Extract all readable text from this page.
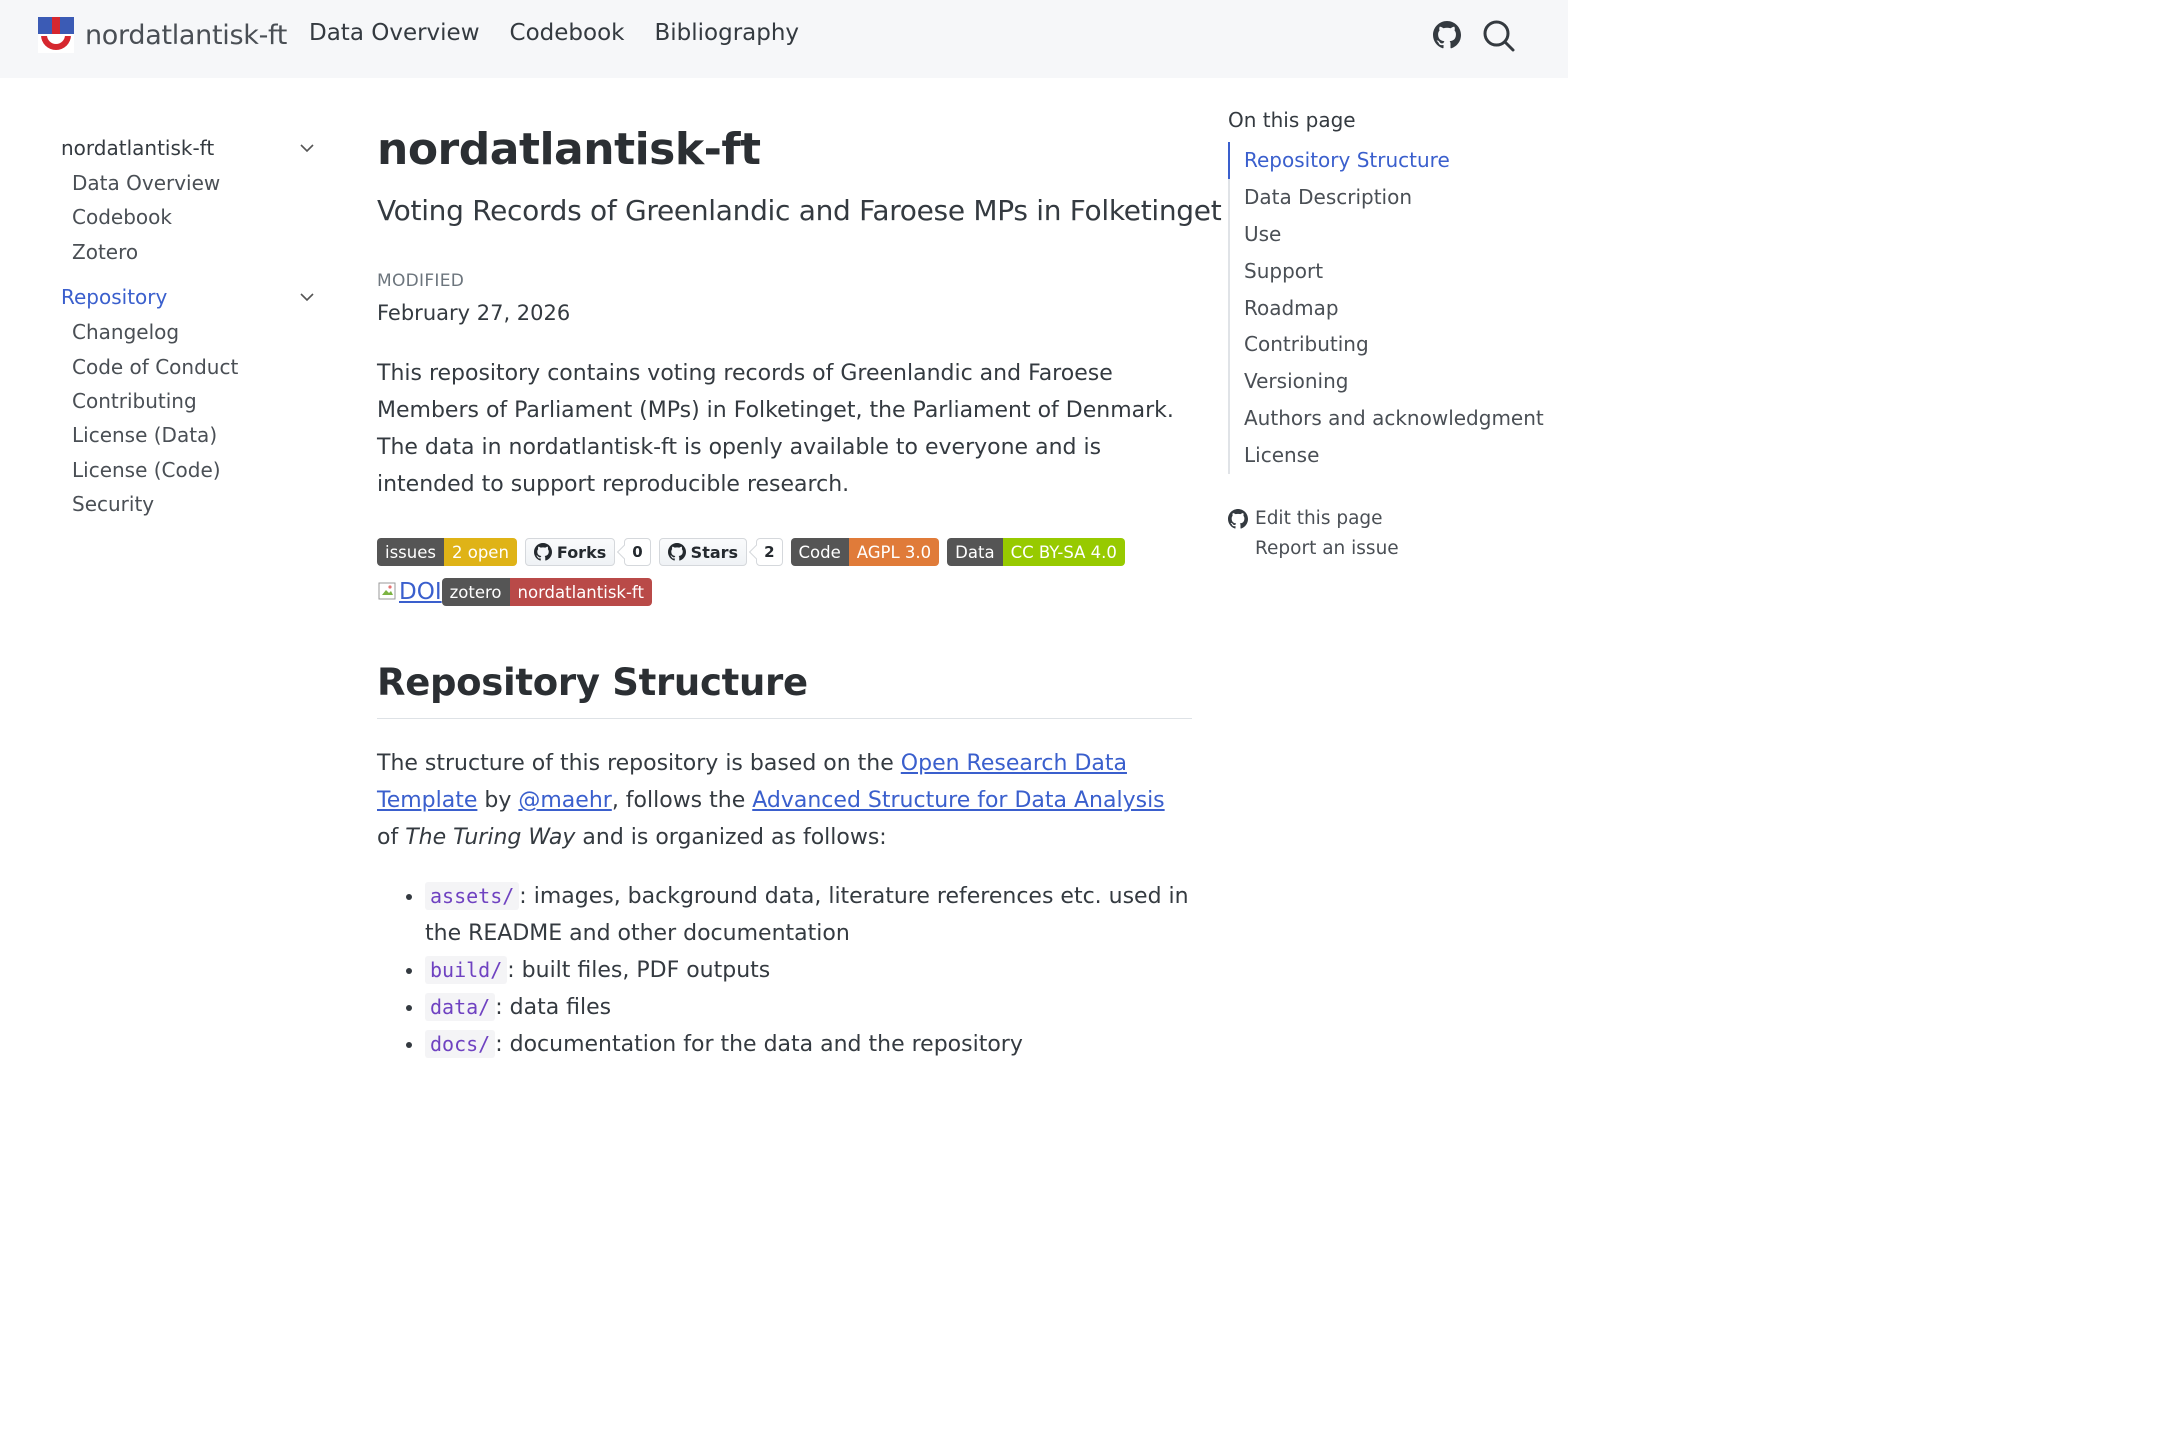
nordatlantisk-ft Data Overview Codebook Bibliography
nordatlantisk-ft
Data Overview
Codebook
Zotero
Repository
Changelog
Code of Conduct
Contributing
License (Data)
License (Code)
Security
nordatlantisk-ft
Voting Records of Greenlandic and Faroese MPs in Folketinget
MODIFIED
February 27, 2026

This repository contains voting records of Greenlandic and Faroese Members of Parliament (MPs) in Folketinget, the Parliament of Denmark. The data in nordatlantisk-ft is openly available to everyone and is intended to support reproducible research.

issues 2 open	Forks	0	Stars	2	Code AGPL 3.0	Data CC BY-SA 4.0
DOI zotero nordatlantisk-ft
Repository Structure

The structure of this repository is based on the Open Research Data Template by @maehr, follows the Advanced Structure for Data Analysis of The Turing Way and is organized as follows:

• assets/ : images, background data, literature references etc. used in the README and other documentation
• build/ : built files, PDF outputs
• data/ : data files
• docs/ : documentation for the data and the repository
On this page
Repository Structure
Data Description
Use
Support
Roadmap
Contributing
Versioning
Authors and acknowledgment
License
Edit this page
Report an issue
